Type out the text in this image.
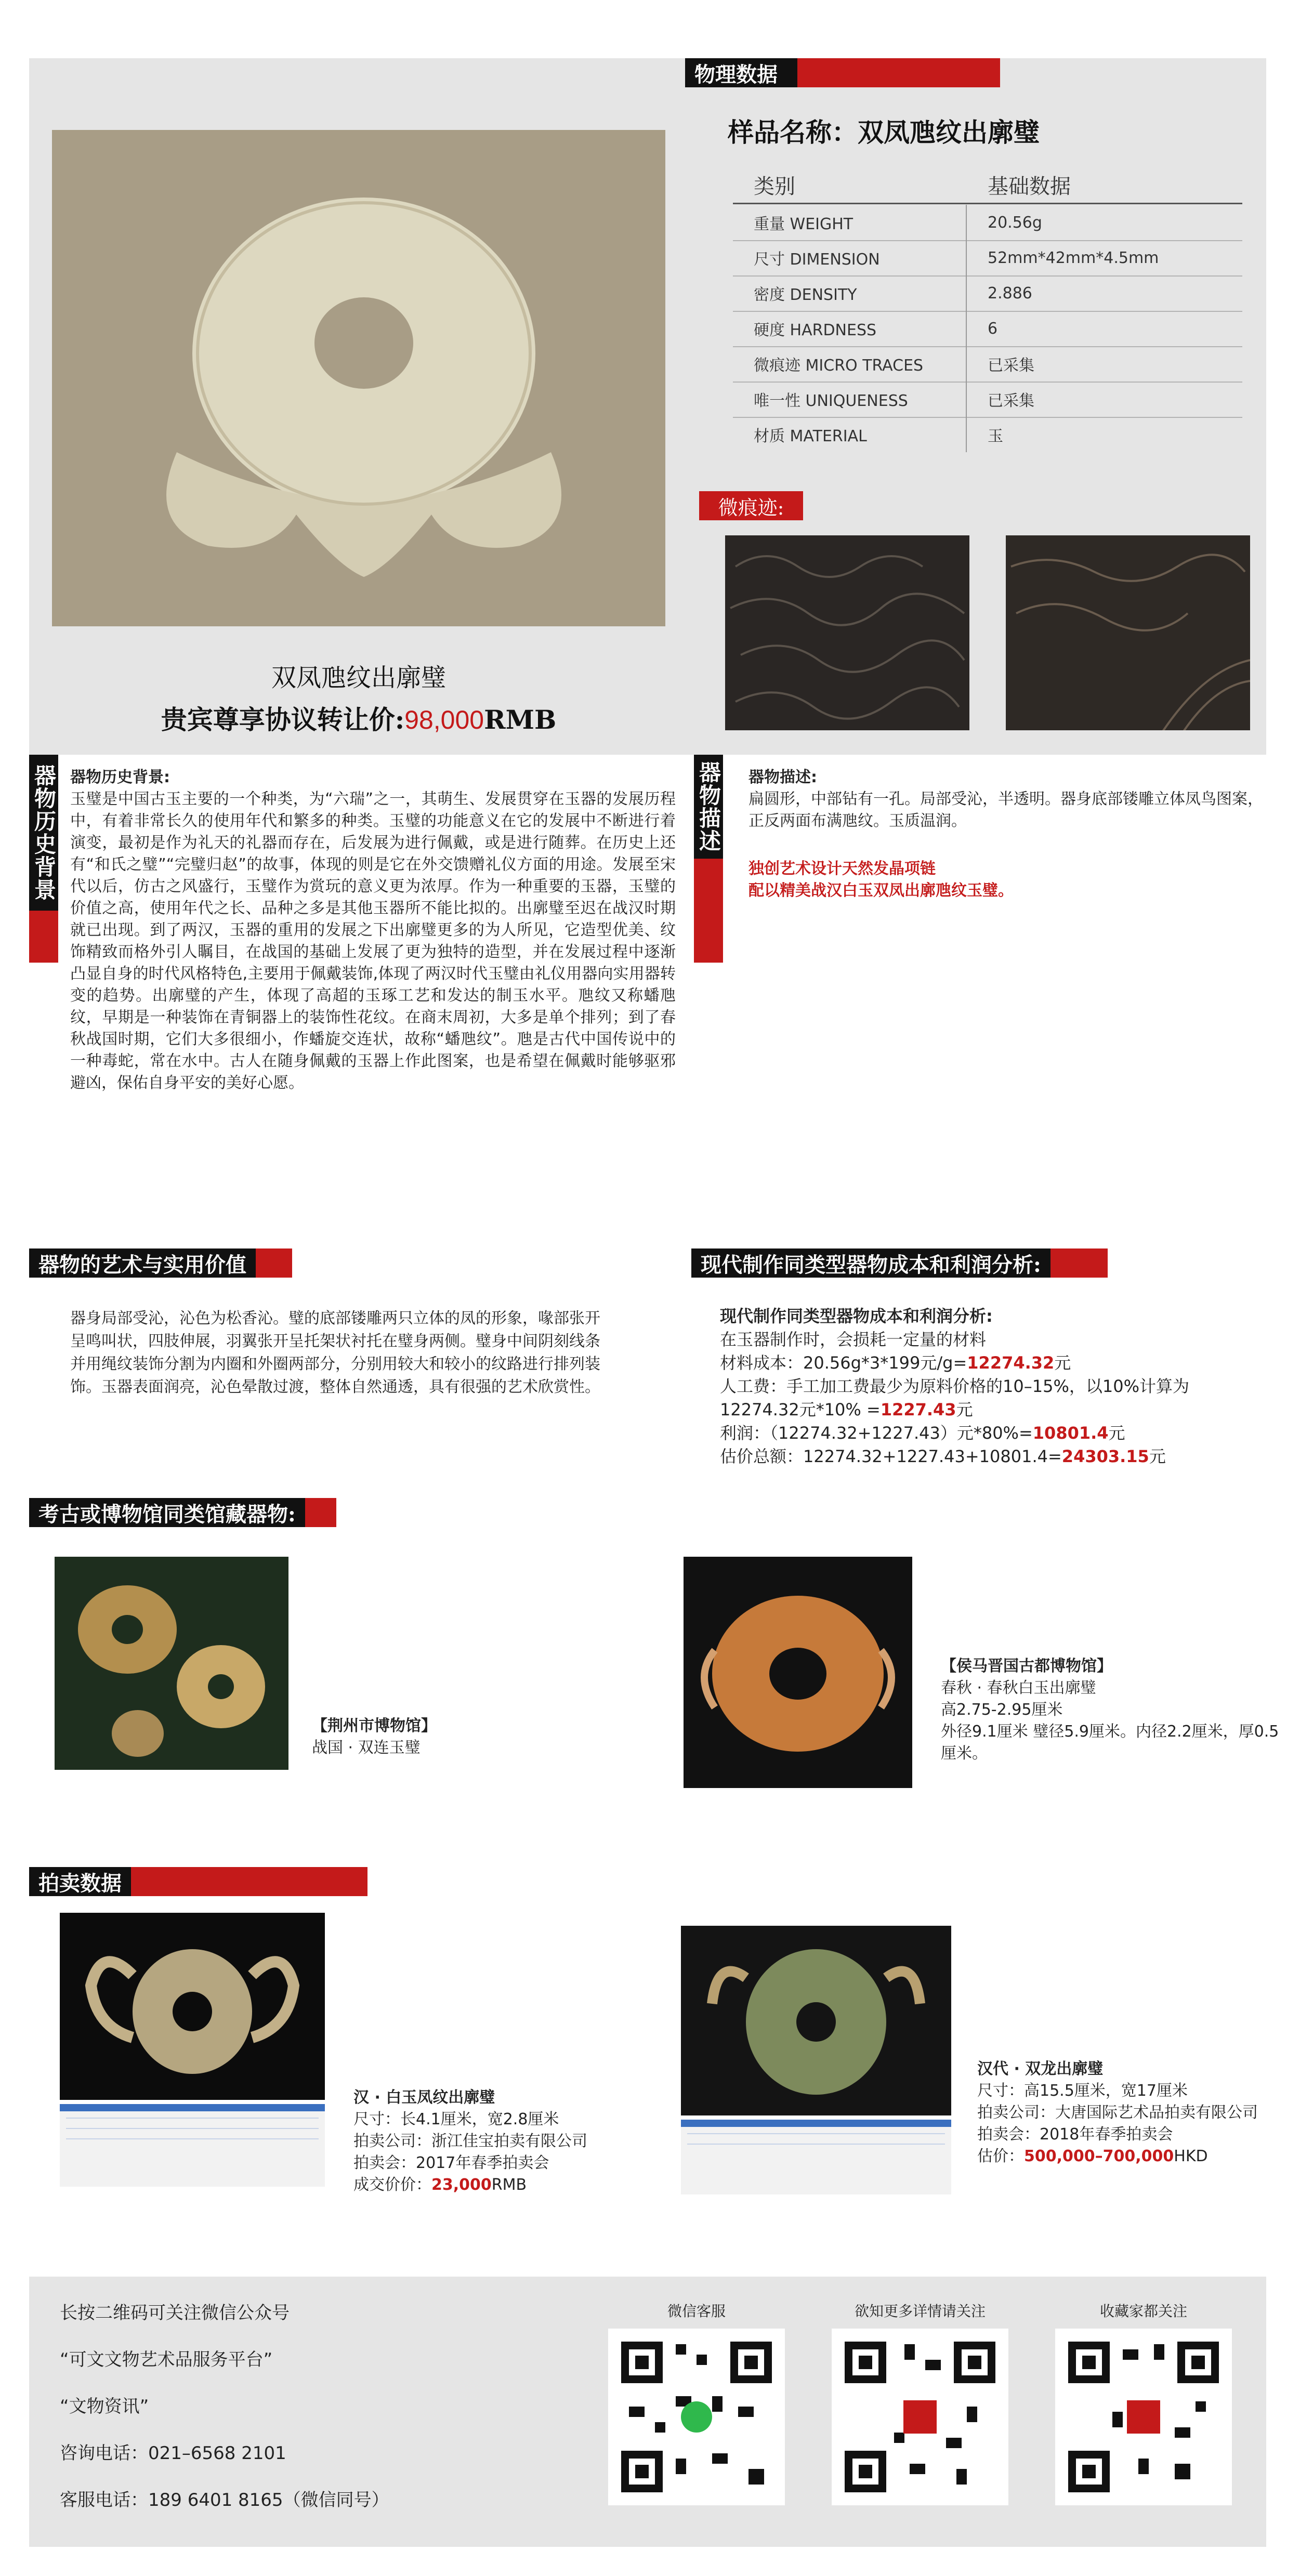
双凤虺纹出廓璧
贵宾尊享协议转让价:98,000RMB
物理数据
样品名称：双凤虺纹出廓璧
类别	基础数据
重量 WEIGHT	20.56g
尺寸 DIMENSION	52mm*42mm*4.5mm
密度 DENSITY	2.886
硬度 HARDNESS	6
微痕迹 MICRO TRACES	已采集
唯一性 UNIQUENESS	已采集
材质 MATERIAL	玉
微痕迹:
器物历史背景 器物历史背景:

玉璧是中国古玉主要的一个种类，为“六瑞”之一，其萌生、发展贯穿在玉器的发展历程中，有着非常长久的使用年代和繁多的种类。玉璧的功能意义在它的发展中不断进行着演变，最初是作为礼天的礼器而存在，后发展为进行佩戴，或是进行随葬。在历史上还有“和氏之璧”“完璧归赵”的故事，体现的则是它在外交馈赠礼仪方面的用途。发展至宋代以后，仿古之风盛行，玉璧作为赏玩的意义更为浓厚。作为一种重要的玉器，玉璧的价值之高，使用年代之长、品种之多是其他玉器所不能比拟的。出廓璧至迟在战汉时期就已出现。到了两汉，玉器的重用的发展之下出廓璧更多的为人所见，它造型优美、纹饰精致而格外引人瞩目，在战国的基础上发展了更为独特的造型，并在发展过程中逐渐凸显自身的时代风格特色,主要用于佩戴装饰,体现了两汉时代玉璧由礼仪用器向实用器转变的趋势。出廓璧的产生，体现了高超的玉琢工艺和发达的制玉水平。虺纹又称蟠虺纹，早期是一种装饰在青铜器上的装饰性花纹。在商末周初，大多是单个排列；到了春秋战国时期，它们大多很细小，作蟠旋交连状，故称“蟠虺纹”。虺是古代中国传说中的一种毒蛇，常在水中。古人在随身佩戴的玉器上作此图案，也是希望在佩戴时能够驱邪避凶，保佑自身平安的美好心愿。

器物描述 器物描述:

扁圆形，中部钻有一孔。局部受沁，半透明。器身底部镂雕立体凤鸟图案，正反两面布满虺纹。玉质温润。

独创艺术设计天然发晶项链

配以精美战汉白玉双凤出廓虺纹玉璧。

器物的艺术与实用价值

器身局部受沁，沁色为松香沁。璧的底部镂雕两只立体的凤的形象，喙部张开呈鸣叫状，四肢伸展，羽翼张开呈托架状衬托在璧身两侧。璧身中间阴刻线条并用绳纹装饰分割为内圈和外圈两部分，分别用较大和较小的纹路进行排列装饰。玉器表面润亮，沁色晕散过渡，整体自然通透，具有很强的艺术欣赏性。

现代制作同类型器物成本和利润分析:

现代制作同类型器物成本和利润分析:

在玉器制作时，会损耗一定量的材料

材料成本：20.56g*3*199元/g=12274.32元

人工费：手工加工费最少为原料价格的10–15%，以10%计算为

12274.32元*10% =1227.43元

利润：（12274.32+1227.43）元*80%=10801.4元

估价总额：12274.32+1227.43+10801.4=24303.15元

考古或博物馆同类馆藏器物:

【荆州市博物馆】

战国 · 双连玉璧

【侯马晋国古都博物馆】

春秋 · 春秋白玉出廓璧

高2.75-2.95厘米

外径9.1厘米 璧径5.9厘米。内径2.2厘米，厚0.5厘米。

拍卖数据

汉 · 白玉凤纹出廓璧

尺寸：长4.1厘米，宽2.8厘米

拍卖公司：浙江佳宝拍卖有限公司

拍卖会：2017年春季拍卖会

成交价价：23,000RMB

汉代 · 双龙出廓璧

尺寸：高15.5厘米，宽17厘米

拍卖公司：大唐国际艺术品拍卖有限公司

拍卖会：2018年春季拍卖会

估价：500,000–700,000HKD

长按二维码可关注微信公众号

“可文文物艺术品服务平台”

“文物资讯”

咨询电话：021–6568 2101

客服电话：189 6401 8165（微信同号）

微信客服	欲知更多详情请关注	收藏家都关注
